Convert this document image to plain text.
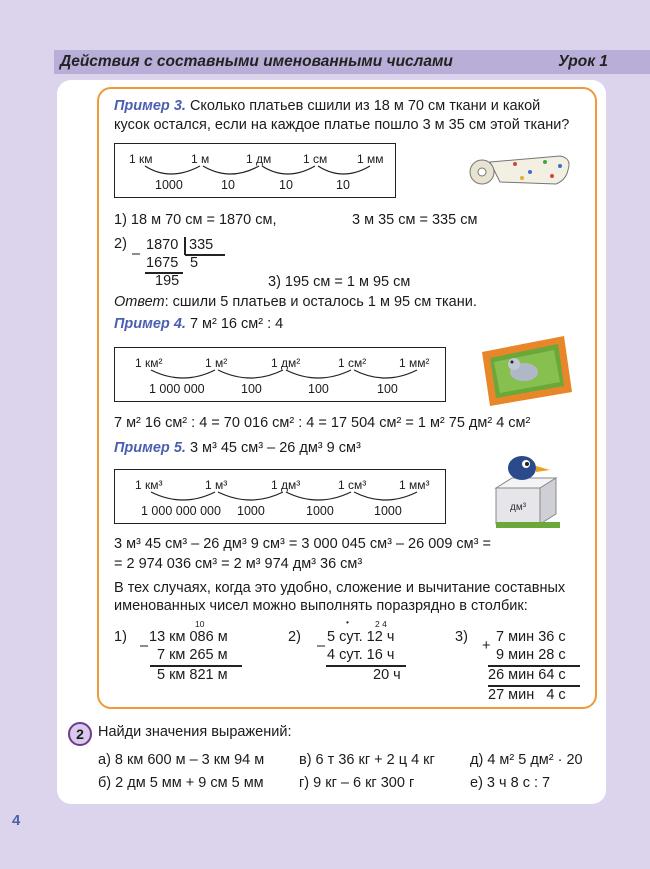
Действия с составными именованными числами	Урок 1
Пример 3. Сколько платьев сшили из 18 м 70 см ткани и какой
кусок остался, если на каждое платье пошло 3 м 35 см этой ткани?
1 км	1 м	1 дм	1 см 1 мм
1000	10	10	10
1) 18 м 70 см = 1870 см,	3 м 35 см = 335 см
2)
–
1870 335
1675 5
195	3) 195 см = 1 м 95 см
Ответ: сшили 5 платьев и осталось 1 м 95 см ткани.
Пример 4. 7 м² 16 см² : 4
1 км²	1 м²	1 дм²	1 см²	1 мм²
1 000 000	100	100	100
7 м² 16 см² : 4 = 70 016 см² : 4 = 17 504 см² = 1 м² 75 дм² 4 см²
Пример 5. 3 м³ 45 см³ – 26 дм³ 9 см³
1 км³	1 м³	1 дм³	1 см³	1 мм³
1 000 000 000 1000	1000	1000	дм³
3 м³ 45 см³ – 26 дм³ 9 см³ = 3 000 045 см³ – 26 009 см³ =
= 2 974 036 см³ = 2 м³ 974 дм³ 36 см³
В тех случаях, когда это удобно, сложение и вычитание составных
именованных чисел можно выполнять поразрядно в столбик:
1)
10
–
13 км 086 м
7 км 265 м
5 км 821 м
2)
•	2 4
–
5 сут. 12 ч
4 сут. 16 ч
20 ч
3)
+
7 мин 36 с
9 мин 28 с
26 мин 64 с
27 мин   4 с
2 Найди значения выражений:
а) 8 км 600 м – 3 км 94 м в) 6 т 36 кг + 2 ц 4 кг д) 4 м² 5 дм² · 20
б) 2 дм 5 мм + 9 см 5 мм г) 9 кг – 6 кг 300 г	е) 3 ч 8 с : 7
4
